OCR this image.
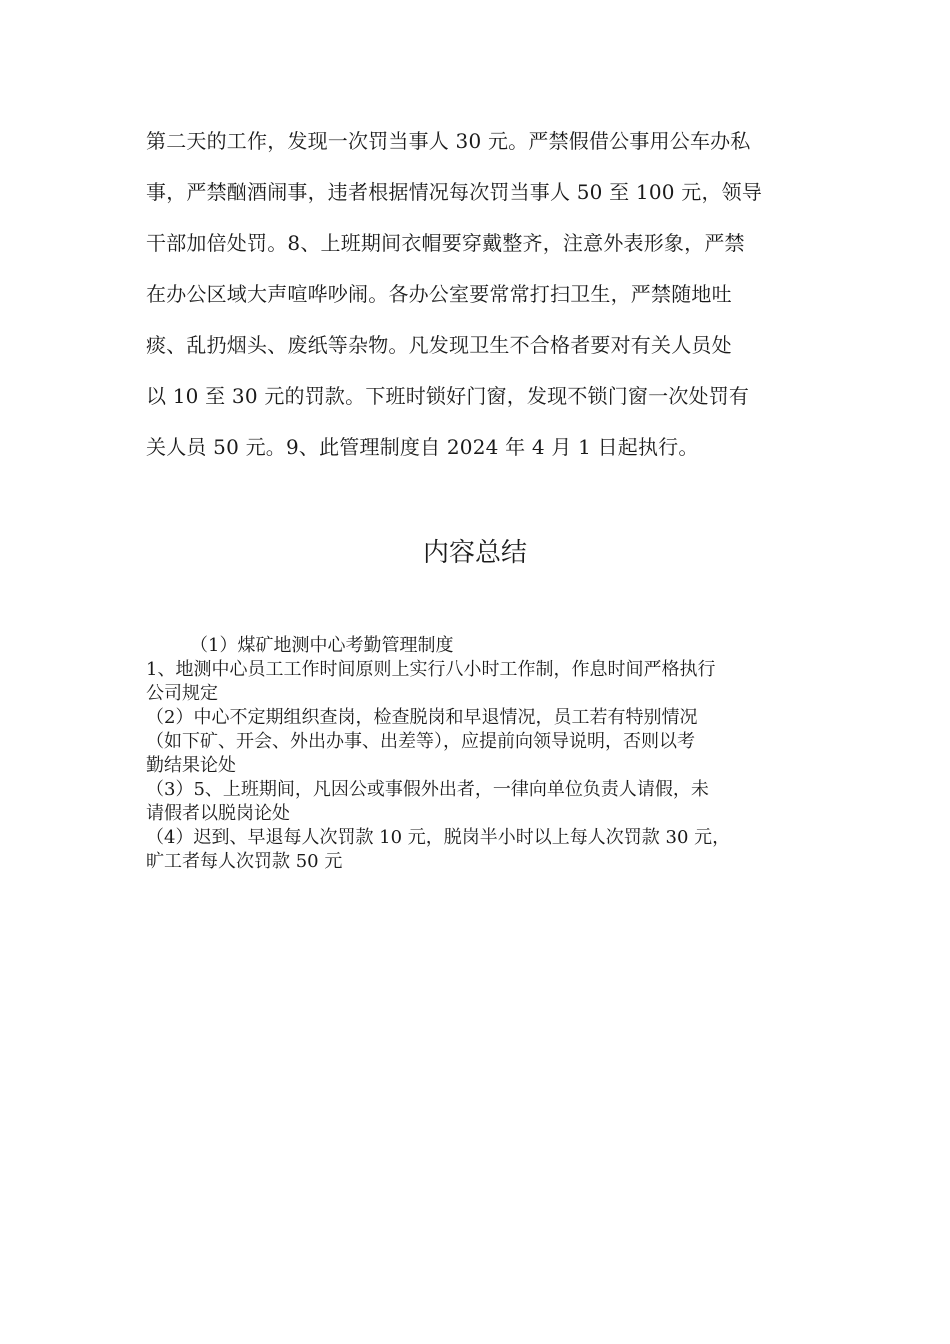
第二天的工作，发现一次罚当事人 30 元。严禁假借公事用公车办私
事，严禁酗酒闹事，违者根据情况每次罚当事人 50 至 100 元，领导
干部加倍处罚。8、上班期间衣帽要穿戴整齐，注意外表形象，严禁
在办公区域大声喧哗吵闹。各办公室要常常打扫卫生，严禁随地吐
痰、乱扔烟头、废纸等杂物。凡发现卫生不合格者要对有关人员处
以 10 至 30 元的罚款。下班时锁好门窗，发现不锁门窗一次处罚有
关人员 50 元。9、此管理制度自 2024 年 4 月 1 日起执行。
内容总结

（1）煤矿地测中心考勤管理制度

1、地测中心员工工作时间原则上实行八小时工作制，作息时间严格执行

公司规定

（2）中心不定期组织查岗，检查脱岗和早退情况，员工若有特别情况

（如下矿、开会、外出办事、出差等），应提前向领导说明，否则以考

勤结果论处

（3）5、上班期间，凡因公或事假外出者，一律向单位负责人请假，未

请假者以脱岗论处

（4）迟到、早退每人次罚款 10 元，脱岗半小时以上每人次罚款 30 元，

旷工者每人次罚款 50 元
